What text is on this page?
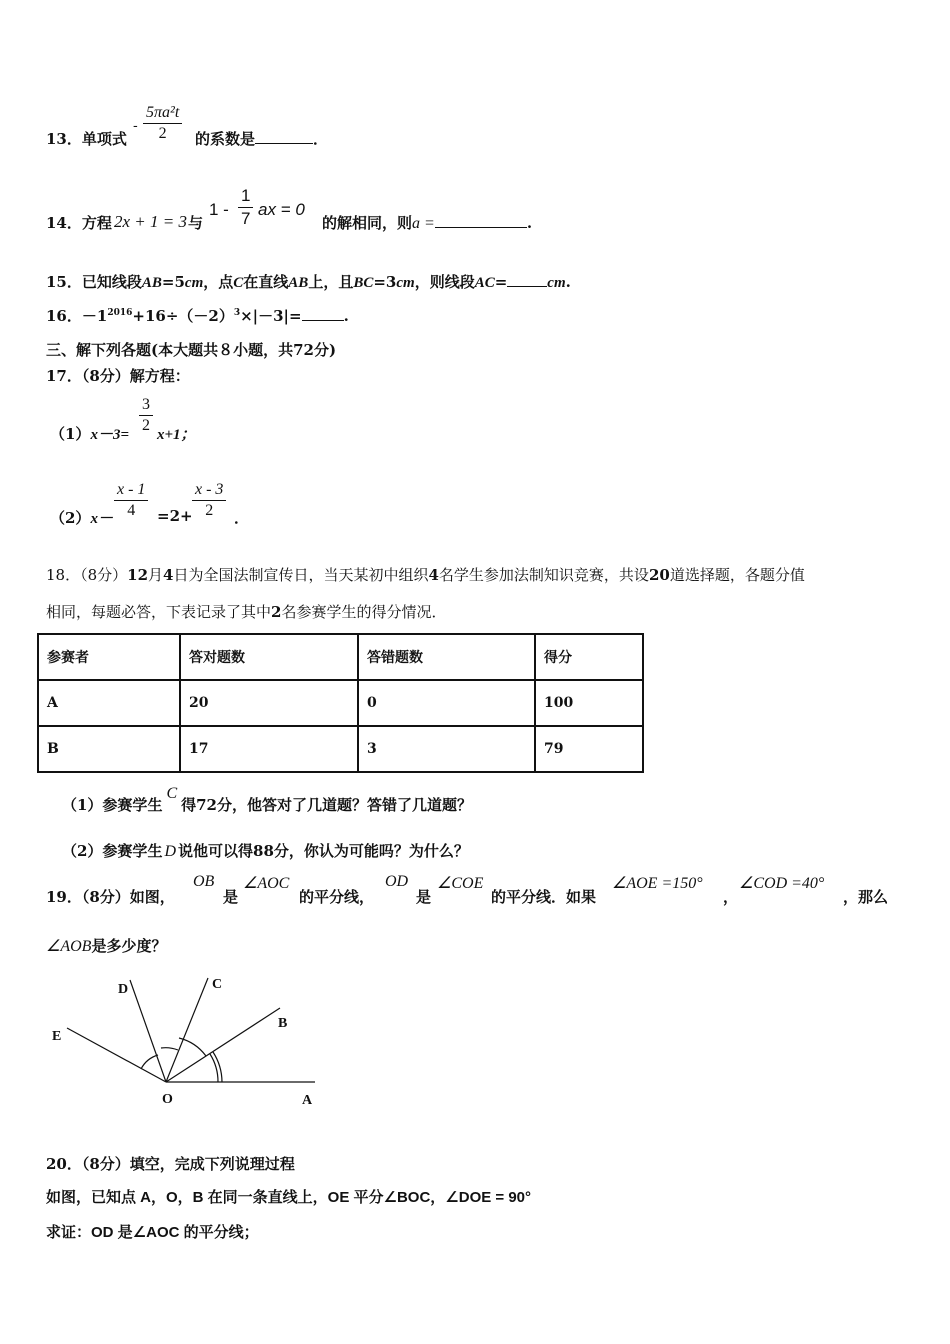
13．单项式
-
5πa²t
2	的系数是	．
14．方程 2x + 1 = 3 与
1 -
1
7 ax = 0
的解相同，则a =	.
15．已知线段AB=5cm，点C在直线AB上，且BC=3cm，则线段AC=	cm.
16．$-1^{2016}+16\div(-2)^3\times|-3|=$	.
三、解下列各题(本大题共８小题，共72分)
17．（8分）解方程：
（1）x－3=
3
2
x+1；
（2）x－
x - 1
4	=2+
x - 3
2	．
18．（8分）12月4日为全国法制宣传日，当天某初中组织4名学生参加法制知识竞赛，共设20道选择题，各题分值
相同，每题必答，下表记录了其中2名参赛学生的得分情况．
参赛者	答对题数	答错题数	得分
A	20	0	100
B	17	3	79
（1）参赛学生C得72分，他答对了几道题？答错了几道题？
（2）参赛学生 D 说他可以得88分，你认为可能吗？为什么？
19．（8分）如图，
OB
是
∠AOC
的平分线，
OD
是
∠COE
的平分线．如果
∠AOE =150°
，
∠COD =40°
，那么
∠AOB是多少度？
D	C
E
B
O	A
20．（8分）填空，完成下列说理过程
如图，已知点 A，O，B 在同一条直线上，OE 平分∠BOC，∠DOE = 90°
求证：OD 是∠AOC 的平分线；
